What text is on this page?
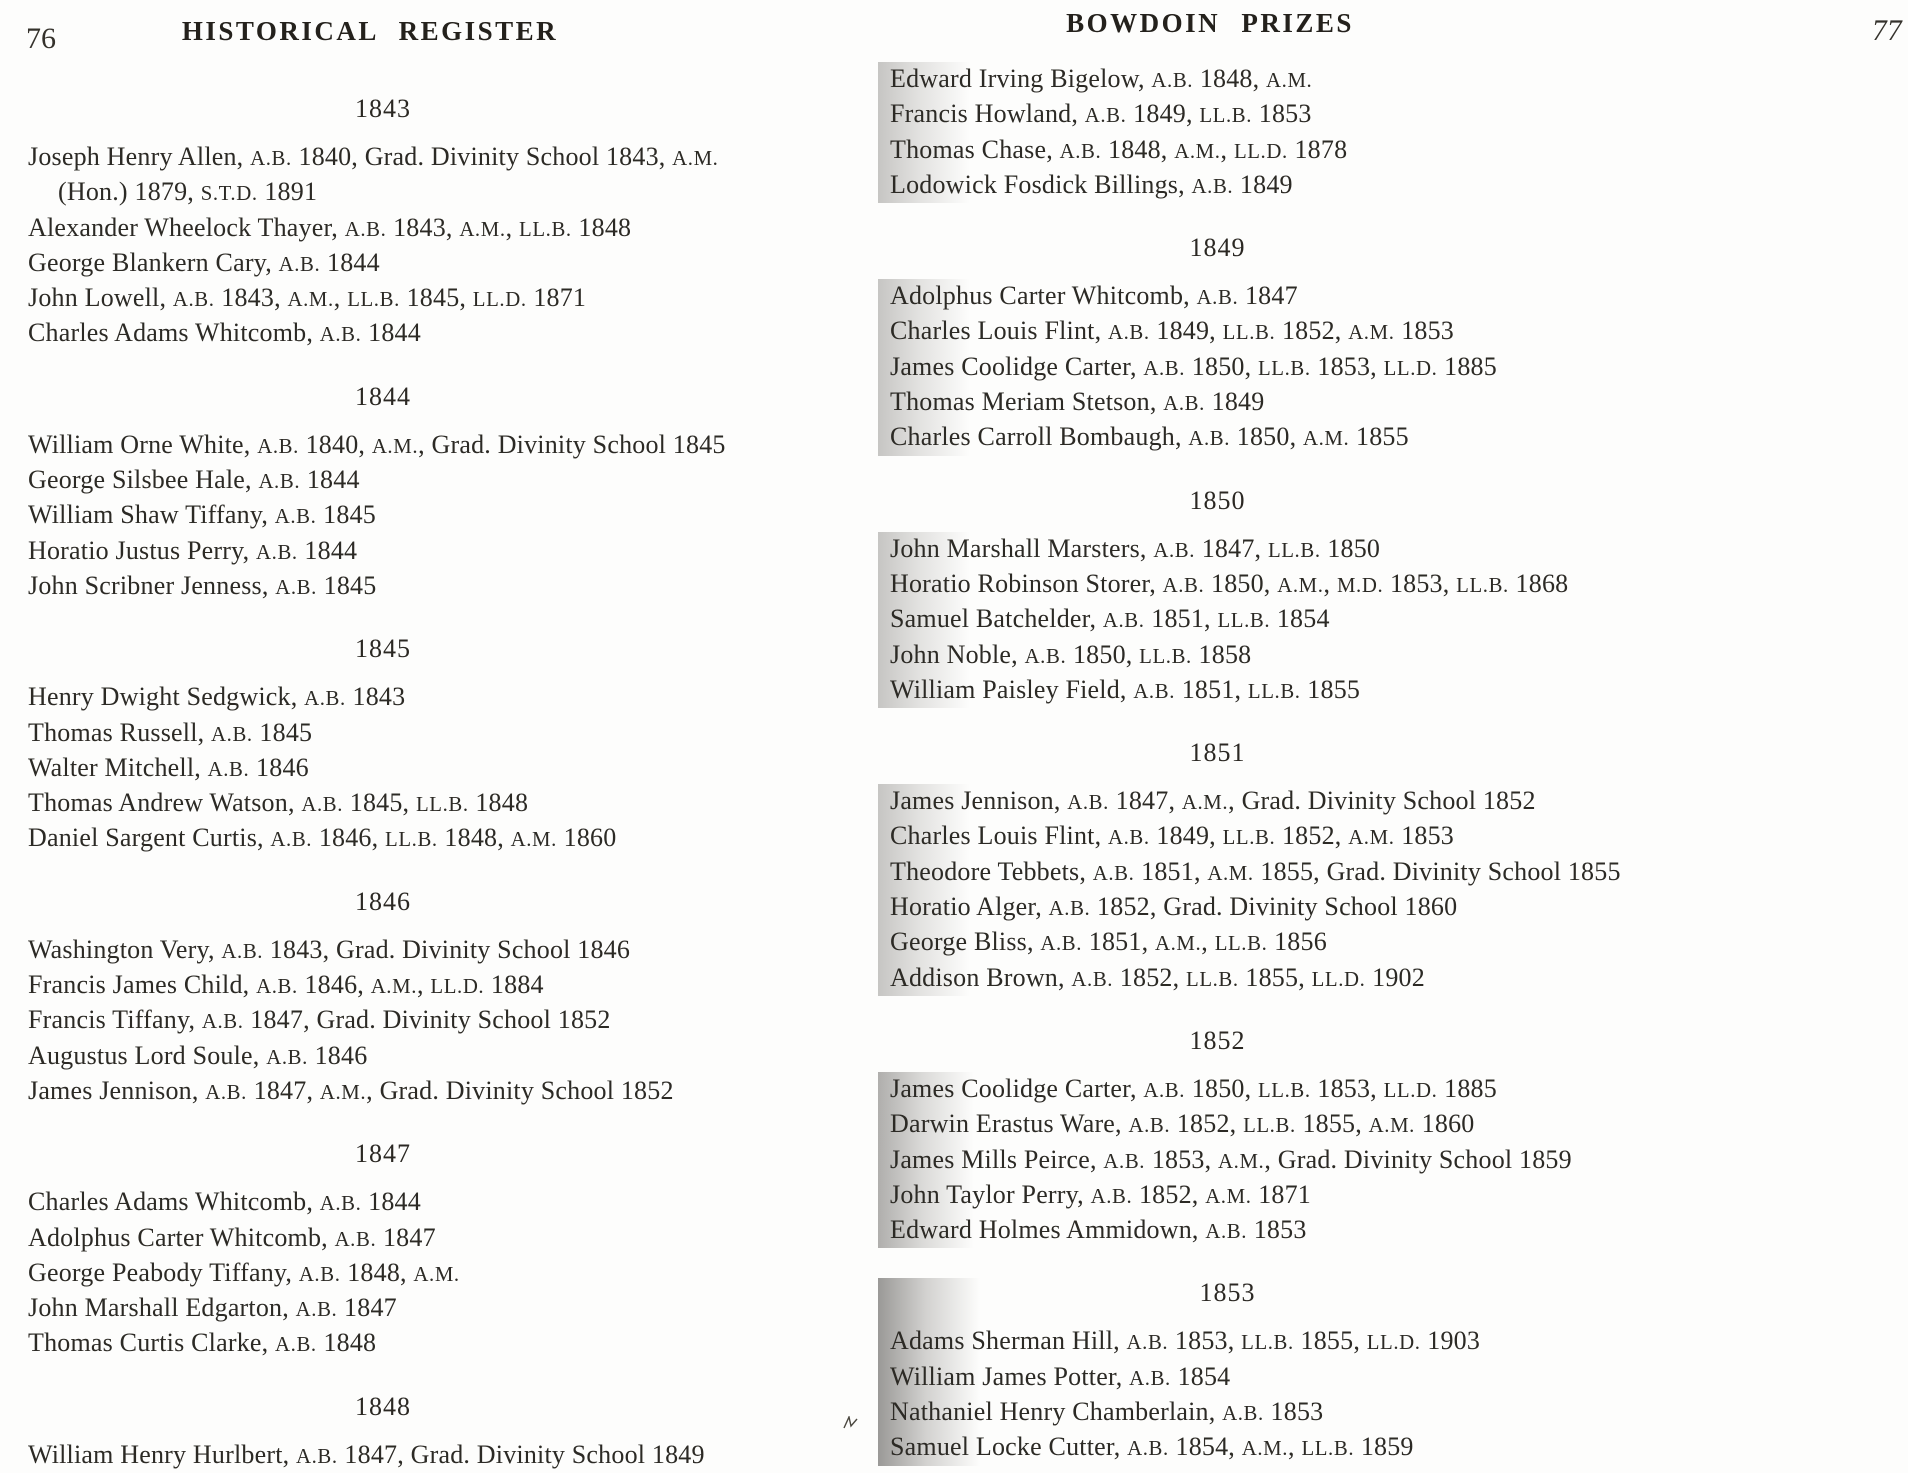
76	HISTORICAL REGISTER
1843

Joseph Henry Allen, A.B. 1840, Grad. Divinity School 1843, A.M. (Hon.) 1879, S.T.D. 1891

Alexander Wheelock Thayer, A.B. 1843, A.M., LL.B. 1848

George Blankern Cary, A.B. 1844

John Lowell, A.B. 1843, A.M., LL.B. 1845, LL.D. 1871

Charles Adams Whitcomb, A.B. 1844

1844

William Orne White, A.B. 1840, A.M., Grad. Divinity School 1845

George Silsbee Hale, A.B. 1844

William Shaw Tiffany, A.B. 1845

Horatio Justus Perry, A.B. 1844

John Scribner Jenness, A.B. 1845

1845

Henry Dwight Sedgwick, A.B. 1843

Thomas Russell, A.B. 1845

Walter Mitchell, A.B. 1846

Thomas Andrew Watson, A.B. 1845, LL.B. 1848

Daniel Sargent Curtis, A.B. 1846, LL.B. 1848, A.M. 1860

1846

Washington Very, A.B. 1843, Grad. Divinity School 1846

Francis James Child, A.B. 1846, A.M., LL.D. 1884

Francis Tiffany, A.B. 1847, Grad. Divinity School 1852

Augustus Lord Soule, A.B. 1846

James Jennison, A.B. 1847, A.M., Grad. Divinity School 1852

1847

Charles Adams Whitcomb, A.B. 1844

Adolphus Carter Whitcomb, A.B. 1847

George Peabody Tiffany, A.B. 1848, A.M.

John Marshall Edgarton, A.B. 1847

Thomas Curtis Clarke, A.B. 1848

1848

William Henry Hurlbert, A.B. 1847, Grad. Divinity School 1849

BOWDOIN PRIZES	77

Edward Irving Bigelow, A.B. 1848, A.M.

Francis Howland, A.B. 1849, LL.B. 1853

Thomas Chase, A.B. 1848, A.M., LL.D. 1878

Lodowick Fosdick Billings, A.B. 1849

1849

Adolphus Carter Whitcomb, A.B. 1847

Charles Louis Flint, A.B. 1849, LL.B. 1852, A.M. 1853

James Coolidge Carter, A.B. 1850, LL.B. 1853, LL.D. 1885

Thomas Meriam Stetson, A.B. 1849

Charles Carroll Bombaugh, A.B. 1850, A.M. 1855

1850

John Marshall Marsters, A.B. 1847, LL.B. 1850

Horatio Robinson Storer, A.B. 1850, A.M., M.D. 1853, LL.B. 1868

Samuel Batchelder, A.B. 1851, LL.B. 1854

John Noble, A.B. 1850, LL.B. 1858

William Paisley Field, A.B. 1851, LL.B. 1855

1851

James Jennison, A.B. 1847, A.M., Grad. Divinity School 1852

Charles Louis Flint, A.B. 1849, LL.B. 1852, A.M. 1853

Theodore Tebbets, A.B. 1851, A.M. 1855, Grad. Divinity School 1855

Horatio Alger, A.B. 1852, Grad. Divinity School 1860

George Bliss, A.B. 1851, A.M., LL.B. 1856

Addison Brown, A.B. 1852, LL.B. 1855, LL.D. 1902

1852

James Coolidge Carter, A.B. 1850, LL.B. 1853, LL.D. 1885

Darwin Erastus Ware, A.B. 1852, LL.B. 1855, A.M. 1860

James Mills Peirce, A.B. 1853, A.M., Grad. Divinity School 1859

John Taylor Perry, A.B. 1852, A.M. 1871

Edward Holmes Ammidown, A.B. 1853

1853

Adams Sherman Hill, A.B. 1853, LL.B. 1855, LL.D. 1903

William James Potter, A.B. 1854

Nathaniel Henry Chamberlain, A.B. 1853

Samuel Locke Cutter, A.B. 1854, A.M., LL.B. 1859
